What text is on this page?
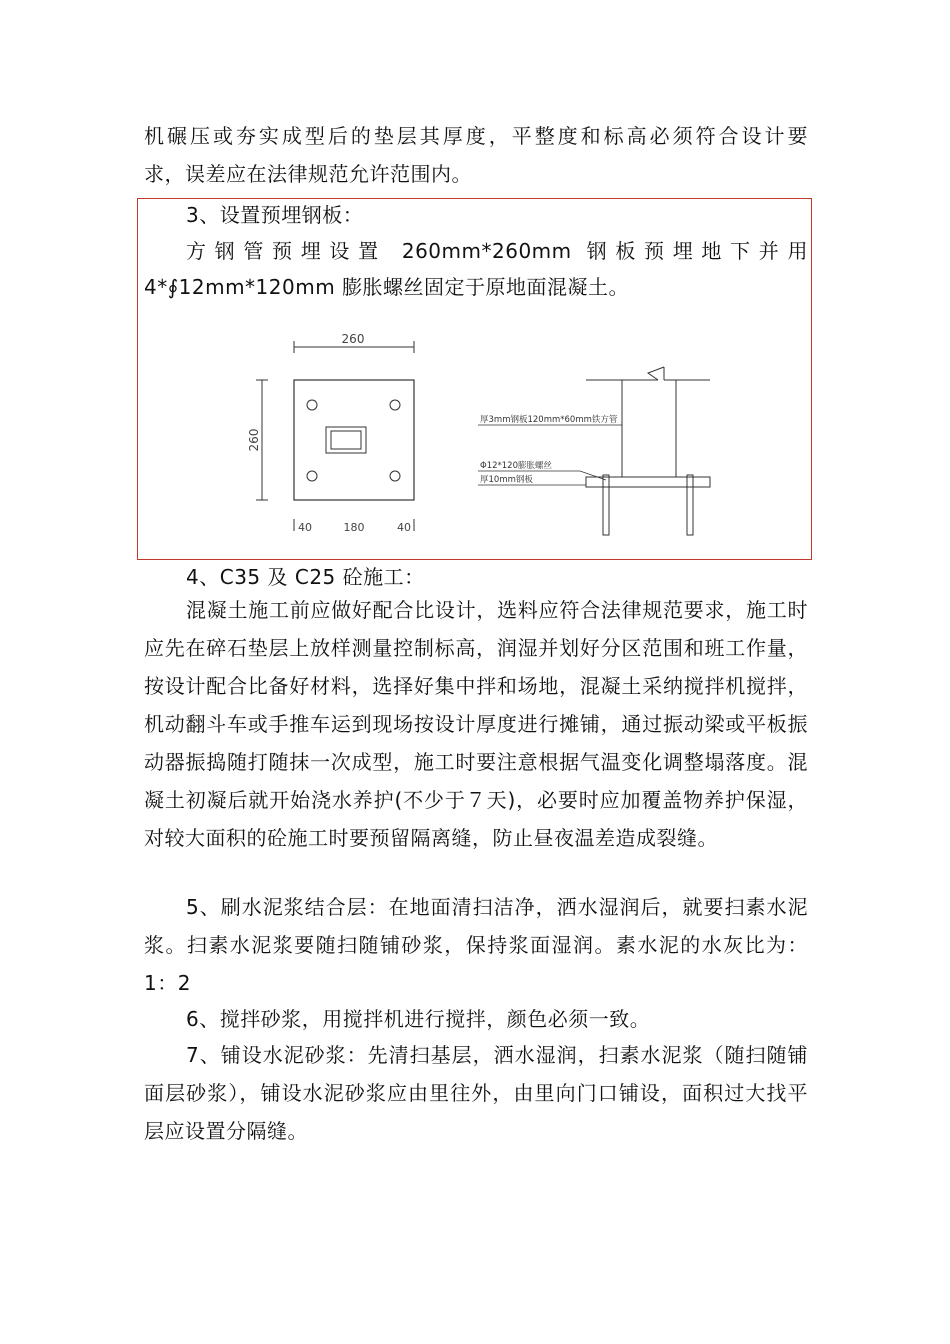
机碾压或夯实成型后的垫层其厚度，平整度和标高必须符合设计要

求，误差应在法律规范允许范围内。

3、设置预埋钢板：

方钢管预埋设置 260mm*260mm 钢板预埋地下并用

4*∮12mm*120mm 膨胀螺丝固定于原地面混凝土。

260
260
40	180	40
厚3mm钢板120mm*60mm铁方管
Φ12*120膨胀螺丝
厚10mm钢板

4、C35 及 C25 砼施工：

混凝土施工前应做好配合比设计，选料应符合法律规范要求，施工时应先在碎石垫层上放样测量控制标高，润湿并划好分区范围和班工作量，按设计配合比备好材料，选择好集中拌和场地，混凝土采纳搅拌机搅拌，机动翻斗车或手推车运到现场按设计厚度进行摊铺，通过振动梁或平板振动器振捣随打随抹一次成型，施工时要注意根据气温变化调整塌落度。混凝土初凝后就开始浇水养护(不少于７天)，必要时应加覆盖物养护保湿，对较大面积的砼施工时要预留隔离缝，防止昼夜温差造成裂缝。

5、刷水泥浆结合层：在地面清扫洁净，洒水湿润后，就要扫素水泥浆。扫素水泥浆要随扫随铺砂浆，保持浆面湿润。素水泥的水灰比为：1：2

6、搅拌砂浆，用搅拌机进行搅拌，颜色必须一致。

7、铺设水泥砂浆：先清扫基层，洒水湿润，扫素水泥浆（随扫随铺面层砂浆），铺设水泥砂浆应由里往外，由里向门口铺设，面积过大找平层应设置分隔缝。
